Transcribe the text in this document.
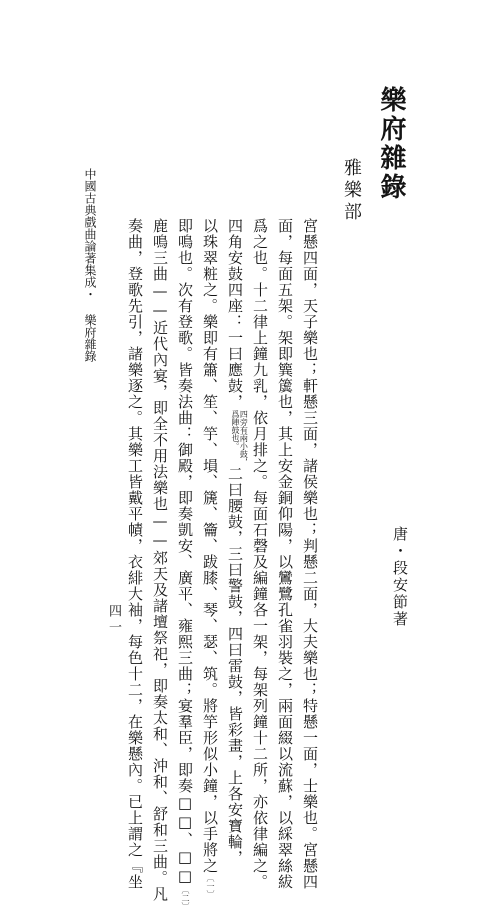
樂府雜錄
雅樂部
唐・段安節著
宮懸四面，天子樂也；軒懸三面，諸侯樂也；判懸二面，大夫樂也；特懸一面，士樂也。宮懸四
面，每面五架。架即簨簴也，其上安金銅仰陽，以鸞鷺孔雀羽裝之，兩面綴以流蘇，以綵翠絲紱
爲之也。十二律上鐘九乳，依月排之。每面石磬及編鐘各一架，每架列鐘十二所，亦依律編之。
四角安鼓四座：一曰應鼓，四旁有兩小鼓，
爲陣鼓也。二曰腰鼓，三曰警鼓，四曰雷鼓，皆彩畫，上各安寶輪，
以珠翠粧之。樂即有簫、笙、竽、塤、篪、籥、跋膝、琴、瑟、筑。將竽形似小鐘，以手將之〔一〕
即鳴也。次有登歌。皆奏法曲：御殿，即奏凱安、廣平、雍熙三曲；宴羣臣，即奏□□、□□〔二〕
鹿鳴三曲——近代內宴，即全不用法樂也——郊天及諸壇祭祀，即奏太和、沖和、舒和三曲。凡
奏曲，登歌先引，諸樂逐之。其樂工皆戴平幘，衣緋大袖，每色十二，在樂懸內。已上謂之『坐
中國古典戲曲論著集成・樂府雜錄
四一
